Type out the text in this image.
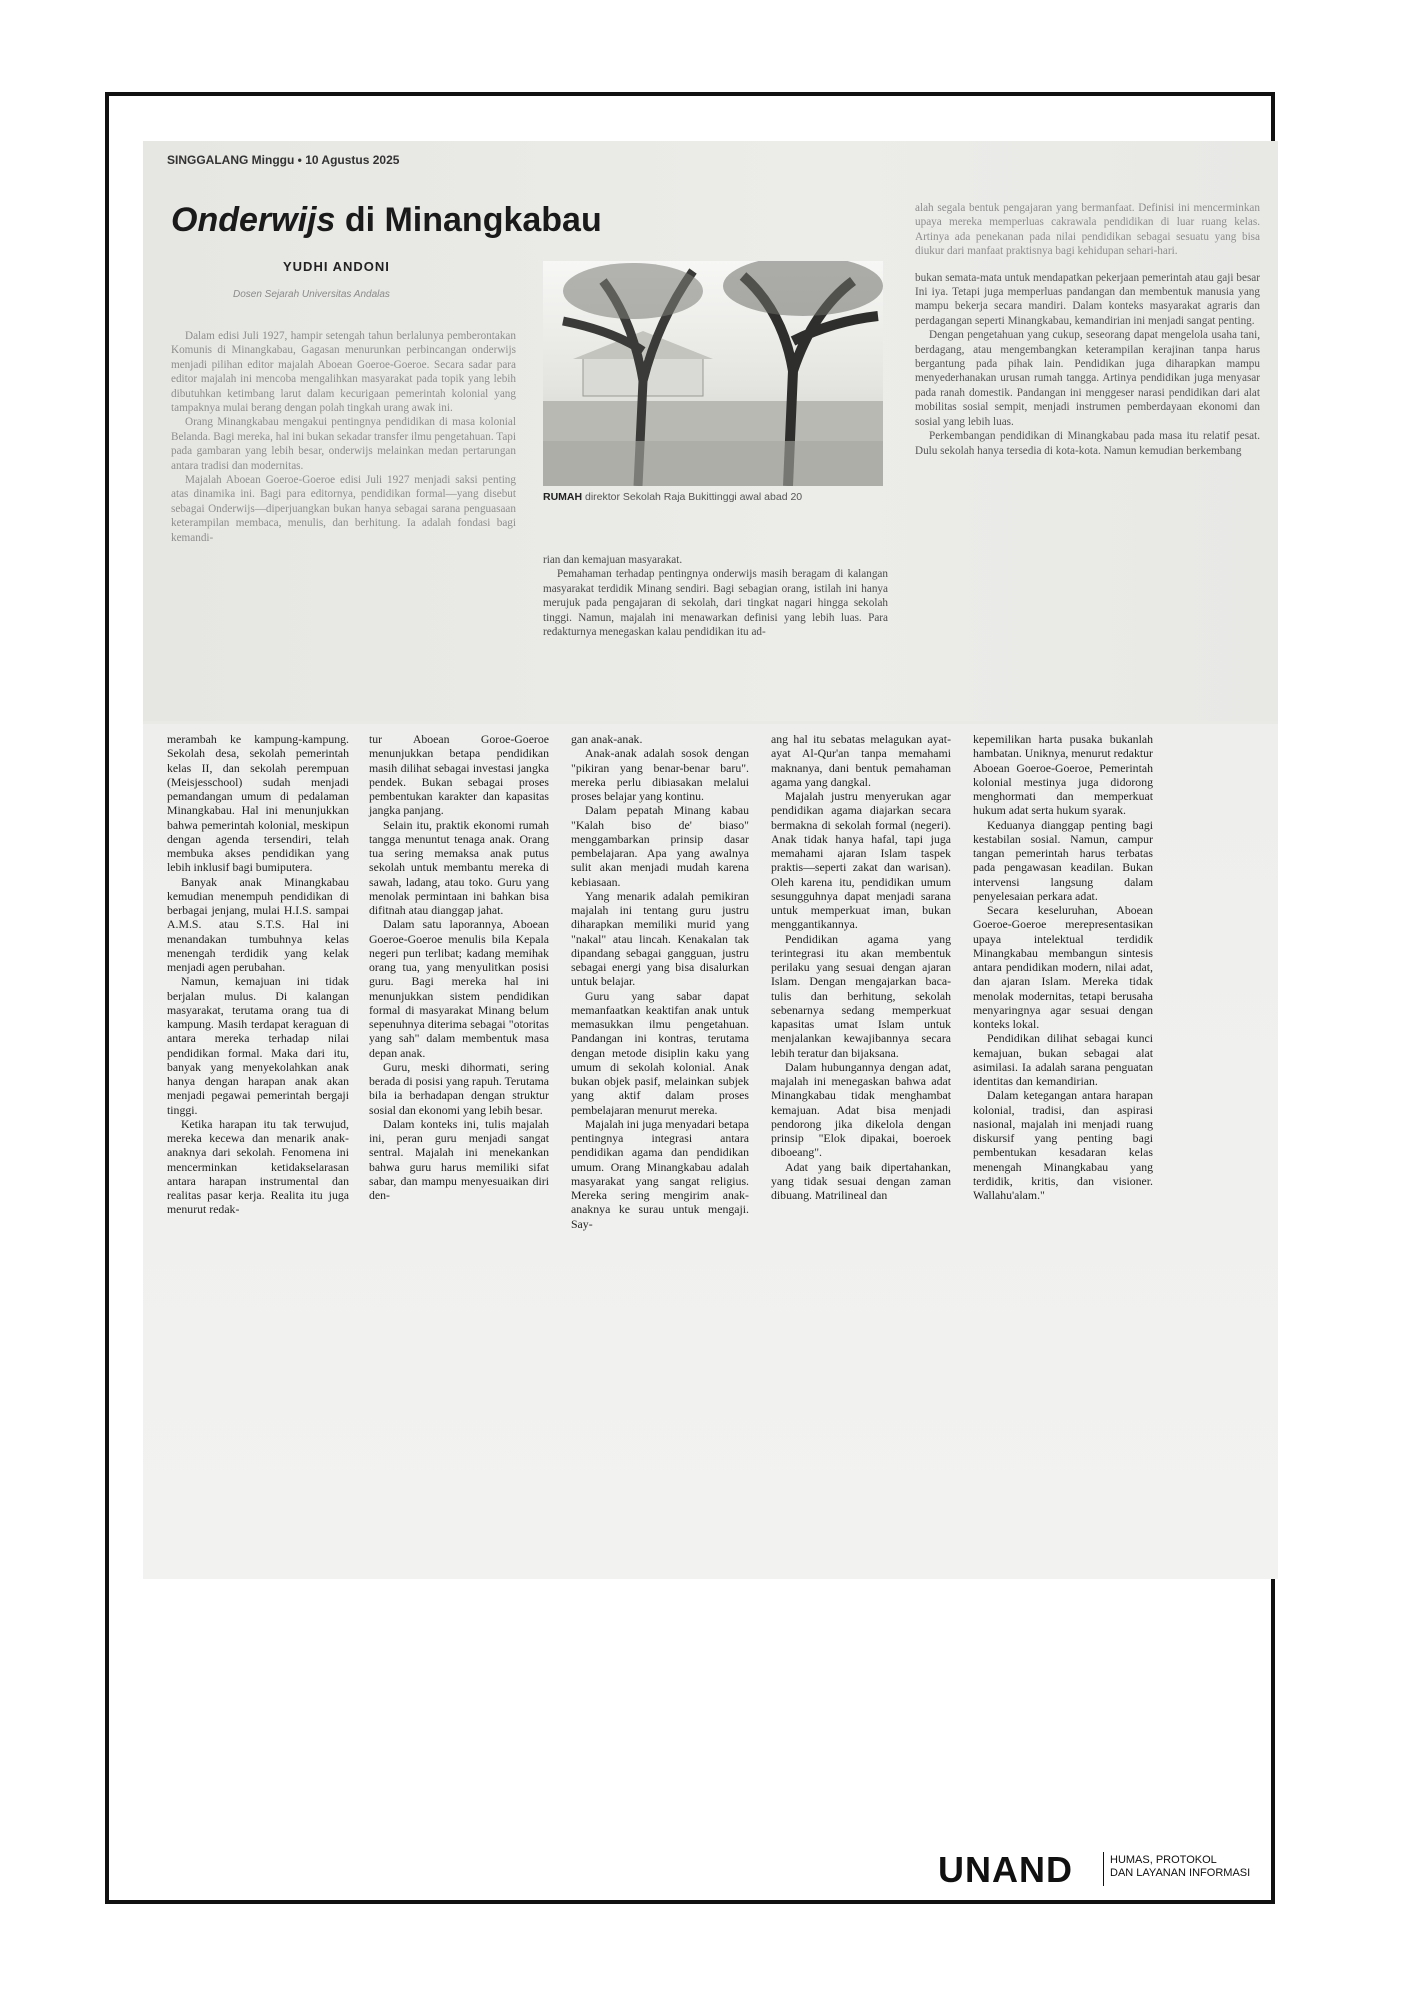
SINGGALANG Minggu • 10 Agustus 2025
Onderwijs di Minangkabau
YUDHI ANDONI
Dosen Sejarah Universitas Andalas

Dalam edisi Juli 1927, hampir setengah tahun berlalunya pemberontakan Komunis di Minangkabau, Gagasan menurunkan perbincangan onderwijs menjadi pilihan editor majalah Aboean Goeroe-Goeroe. Secara sadar para editor majalah ini mencoba mengalihkan masyarakat pada topik yang lebih dibutuhkan ketimbang larut dalam kecurigaan pemerintah kolonial yang tampaknya mulai berang dengan polah tingkah urang awak ini.

Orang Minangkabau mengakui pentingnya pendidikan di masa kolonial Belanda. Bagi mereka, hal ini bukan sekadar transfer ilmu pengetahuan. Tapi pada gambaran yang lebih besar, onderwijs melainkan medan pertarungan antara tradisi dan modernitas.

Majalah Aboean Goeroe-Goeroe edisi Juli 1927 menjadi saksi penting atas dinamika ini. Bagi para editornya, pendidikan formal—yang disebut sebagai Onderwijs—diperjuangkan bukan hanya sebagai sarana penguasaan keterampilan membaca, menulis, dan berhitung. Ia adalah fondasi bagi kemandi-

RUMAH direktor Sekolah Raja Bukittinggi awal abad 20

rian dan kemajuan masyarakat.

Pemahaman terhadap pentingnya onderwijs masih beragam di kalangan masyarakat terdidik Minang sendiri. Bagi sebagian orang, istilah ini hanya merujuk pada pengajaran di sekolah, dari tingkat nagari hingga sekolah tinggi. Namun, majalah ini menawarkan definisi yang lebih luas. Para redakturnya menegaskan kalau pendidikan itu ad-

alah segala bentuk pengajaran yang bermanfaat. Definisi ini mencerminkan upaya mereka memperluas cakrawala pendidikan di luar ruang kelas. Artinya ada penekanan pada nilai pendidikan sebagai sesuatu yang bisa diukur dari manfaat praktisnya bagi kehidupan sehari-hari.

bukan semata-mata untuk mendapatkan pekerjaan pemerintah atau gaji besar Ini iya. Tetapi juga memperluas pandangan dan membentuk manusia yang mampu bekerja secara mandiri. Dalam konteks masyarakat agraris dan perdagangan seperti Minangkabau, kemandirian ini menjadi sangat penting.

Dengan pengetahuan yang cukup, seseorang dapat mengelola usaha tani, berdagang, atau mengembangkan keterampilan kerajinan tanpa harus bergantung pada pihak lain. Pendidikan juga diharapkan mampu menyederhanakan urusan rumah tangga. Artinya pendidikan juga menyasar pada ranah domestik. Pandangan ini menggeser narasi pendidikan dari alat mobilitas sosial sempit, menjadi instrumen pemberdayaan ekonomi dan sosial yang lebih luas.

Perkembangan pendidikan di Minangkabau pada masa itu relatif pesat. Dulu sekolah hanya tersedia di kota-kota. Namun kemudian berkembang

merambah ke kampung-kampung. Sekolah desa, sekolah pemerintah kelas II, dan sekolah perempuan (Meisjesschool) sudah menjadi pemandangan umum di pedalaman Minangkabau. Hal ini menunjukkan bahwa pemerintah kolonial, meskipun dengan agenda tersendiri, telah membuka akses pendidikan yang lebih inklusif bagi bumiputera.

Banyak anak Minangkabau kemudian menempuh pendidikan di berbagai jenjang, mulai H.I.S. sampai A.M.S. atau S.T.S. Hal ini menandakan tumbuhnya kelas menengah terdidik yang kelak menjadi agen perubahan.

Namun, kemajuan ini tidak berjalan mulus. Di kalangan masyarakat, terutama orang tua di kampung. Masih terdapat keraguan di antara mereka terhadap nilai pendidikan formal. Maka dari itu, banyak yang menyekolahkan anak hanya dengan harapan anak akan menjadi pegawai pemerintah bergaji tinggi.

Ketika harapan itu tak terwujud, mereka kecewa dan menarik anak-anaknya dari sekolah. Fenomena ini mencerminkan ketidakselarasan antara harapan instrumental dan realitas pasar kerja. Realita itu juga menurut redak-

tur Aboean Goroe-Goeroe menunjukkan betapa pendidikan masih dilihat sebagai investasi jangka pendek. Bukan sebagai proses pembentukan karakter dan kapasitas jangka panjang.

Selain itu, praktik ekonomi rumah tangga menuntut tenaga anak. Orang tua sering memaksa anak putus sekolah untuk membantu mereka di sawah, ladang, atau toko. Guru yang menolak permintaan ini bahkan bisa difitnah atau dianggap jahat.

Dalam satu laporannya, Aboean Goeroe-Goeroe menulis bila Kepala negeri pun terlibat; kadang memihak orang tua, yang menyulitkan posisi guru. Bagi mereka hal ini menunjukkan sistem pendidikan formal di masyarakat Minang belum sepenuhnya diterima sebagai "otoritas yang sah" dalam membentuk masa depan anak.

Guru, meski dihormati, sering berada di posisi yang rapuh. Terutama bila ia berhadapan dengan struktur sosial dan ekonomi yang lebih besar.

Dalam konteks ini, tulis majalah ini, peran guru menjadi sangat sentral. Majalah ini menekankan bahwa guru harus memiliki sifat sabar, dan mampu menyesuaikan diri den-

gan anak-anak.

Anak-anak adalah sosok dengan "pikiran yang benar-benar baru". mereka perlu dibiasakan melalui proses belajar yang kontinu.

Dalam pepatah Minang kabau "Kalah biso de' biaso" menggambarkan prinsip dasar pembelajaran. Apa yang awalnya sulit akan menjadi mudah karena kebiasaan.

Yang menarik adalah pemikiran majalah ini tentang guru justru diharapkan memiliki murid yang "nakal" atau lincah. Kenakalan tak dipandang sebagai gangguan, justru sebagai energi yang bisa disalurkan untuk belajar.

Guru yang sabar dapat memanfaatkan keaktifan anak untuk memasukkan ilmu pengetahuan. Pandangan ini kontras, terutama dengan metode disiplin kaku yang umum di sekolah kolonial. Anak bukan objek pasif, melainkan subjek yang aktif dalam proses pembelajaran menurut mereka.

Majalah ini juga menyadari betapa pentingnya integrasi antara pendidikan agama dan pendidikan umum. Orang Minangkabau adalah masyarakat yang sangat religius. Mereka sering mengirim anak-anaknya ke surau untuk mengaji. Say-

ang hal itu sebatas melagukan ayat-ayat Al-Qur'an tanpa memahami maknanya, dani bentuk pemahaman agama yang dangkal.

Majalah justru menyerukan agar pendidikan agama diajarkan secara bermakna di sekolah formal (negeri). Anak tidak hanya hafal, tapi juga memahami ajaran Islam taspek praktis—seperti zakat dan warisan). Oleh karena itu, pendidikan umum sesungguhnya dapat menjadi sarana untuk memperkuat iman, bukan menggantikannya.

Pendidikan agama yang terintegrasi itu akan membentuk perilaku yang sesuai dengan ajaran Islam. Dengan mengajarkan baca-tulis dan berhitung, sekolah sebenarnya sedang memperkuat kapasitas umat Islam untuk menjalankan kewajibannya secara lebih teratur dan bijaksana.

Dalam hubungannya dengan adat, majalah ini menegaskan bahwa adat Minangkabau tidak menghambat kemajuan. Adat bisa menjadi pendorong jika dikelola dengan prinsip "Elok dipakai, boeroek diboeang".

Adat yang baik dipertahankan, yang tidak sesuai dengan zaman dibuang. Matrilineal dan

kepemilikan harta pusaka bukanlah hambatan. Uniknya, menurut redaktur Aboean Goeroe-Goeroe, Pemerintah kolonial mestinya juga didorong menghormati dan memperkuat hukum adat serta hukum syarak.

Keduanya dianggap penting bagi kestabilan sosial. Namun, campur tangan pemerintah harus terbatas pada pengawasan keadilan. Bukan intervensi langsung dalam penyelesaian perkara adat.

Secara keseluruhan, Aboean Goeroe-Goeroe merepresentasikan upaya intelektual terdidik Minangkabau membangun sintesis antara pendidikan modern, nilai adat, dan ajaran Islam. Mereka tidak menolak modernitas, tetapi berusaha menyaringnya agar sesuai dengan konteks lokal.

Pendidikan dilihat sebagai kunci kemajuan, bukan sebagai alat asimilasi. Ia adalah sarana penguatan identitas dan kemandirian.

Dalam ketegangan antara harapan kolonial, tradisi, dan aspirasi nasional, majalah ini menjadi ruang diskursif yang penting bagi pembentukan kesadaran kelas menengah Minangkabau yang terdidik, kritis, dan visioner. Wallahu'alam."

UNAND	HUMAS, PROTOKOL
DAN LAYANAN INFORMASI
